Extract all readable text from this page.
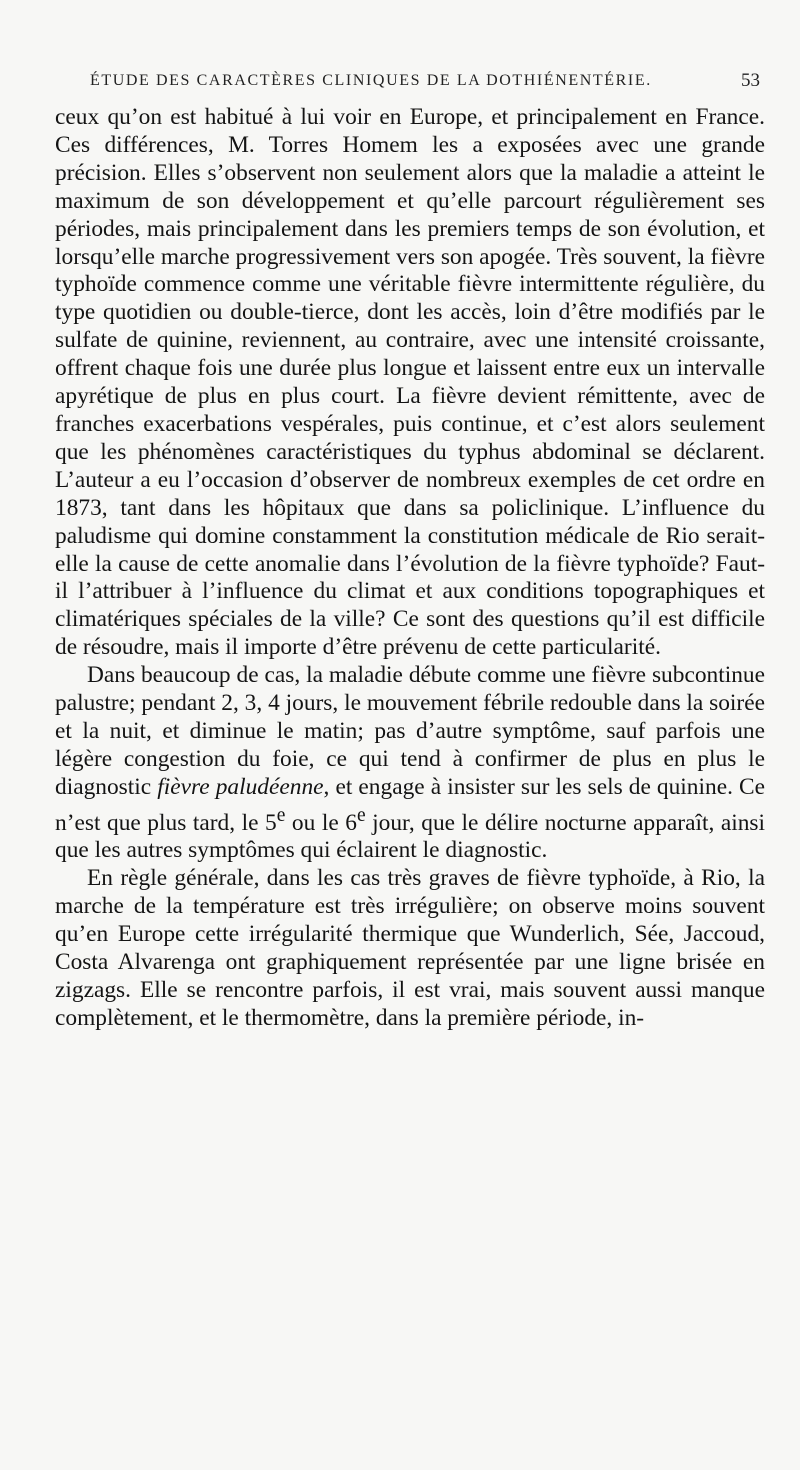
ÉTUDE DES CARACTÈRES CLINIQUES DE LA DOTHIÉNENTÉRIE.	53

ceux qu’on est habitué à lui voir en Europe, et principalement en France. Ces différences, M. Torres Homem les a exposées avec une grande précision. Elles s’observent non seulement alors que la maladie a atteint le maximum de son développement et qu’elle parcourt régulièrement ses périodes, mais principalement dans les premiers temps de son évolution, et lorsqu’elle marche progressivement vers son apogée. Très souvent, la fièvre typhoïde commence comme une véritable fièvre intermittente régulière, du type quotidien ou double-tierce, dont les accès, loin d’être modifiés par le sulfate de quinine, reviennent, au contraire, avec une intensité croissante, offrent chaque fois une durée plus longue et laissent entre eux un intervalle apyrétique de plus en plus court. La fièvre devient rémittente, avec de franches exacerbations vespérales, puis continue, et c’est alors seulement que les phénomènes caractéristiques du typhus abdominal se déclarent. L’auteur a eu l’occasion d’observer de nombreux exemples de cet ordre en 1873, tant dans les hôpitaux que dans sa policlinique. L’influence du paludisme qui domine constamment la constitution médicale de Rio serait-elle la cause de cette anomalie dans l’évolution de la fièvre typhoïde? Faut-il l’attribuer à l’influence du climat et aux conditions topographiques et climatériques spéciales de la ville? Ce sont des questions qu’il est difficile de résoudre, mais il importe d’être prévenu de cette particularité.

Dans beaucoup de cas, la maladie débute comme une fièvre subcontinue palustre; pendant 2, 3, 4 jours, le mouvement fébrile redouble dans la soirée et la nuit, et diminue le matin; pas d’autre symptôme, sauf parfois une légère congestion du foie, ce qui tend à confirmer de plus en plus le diagnostic fièvre paludéenne, et engage à insister sur les sels de quinine. Ce n’est que plus tard, le 5e ou le 6e jour, que le délire nocturne apparaît, ainsi que les autres symptômes qui éclairent le diagnostic.

En règle générale, dans les cas très graves de fièvre typhoïde, à Rio, la marche de la température est très irrégulière; on observe moins souvent qu’en Europe cette irrégularité thermique que Wunderlich, Sée, Jaccoud, Costa Alvarenga ont graphiquement représentée par une ligne brisée en zigzags. Elle se rencontre parfois, il est vrai, mais souvent aussi manque complètement, et le thermomètre, dans la première période, in-
